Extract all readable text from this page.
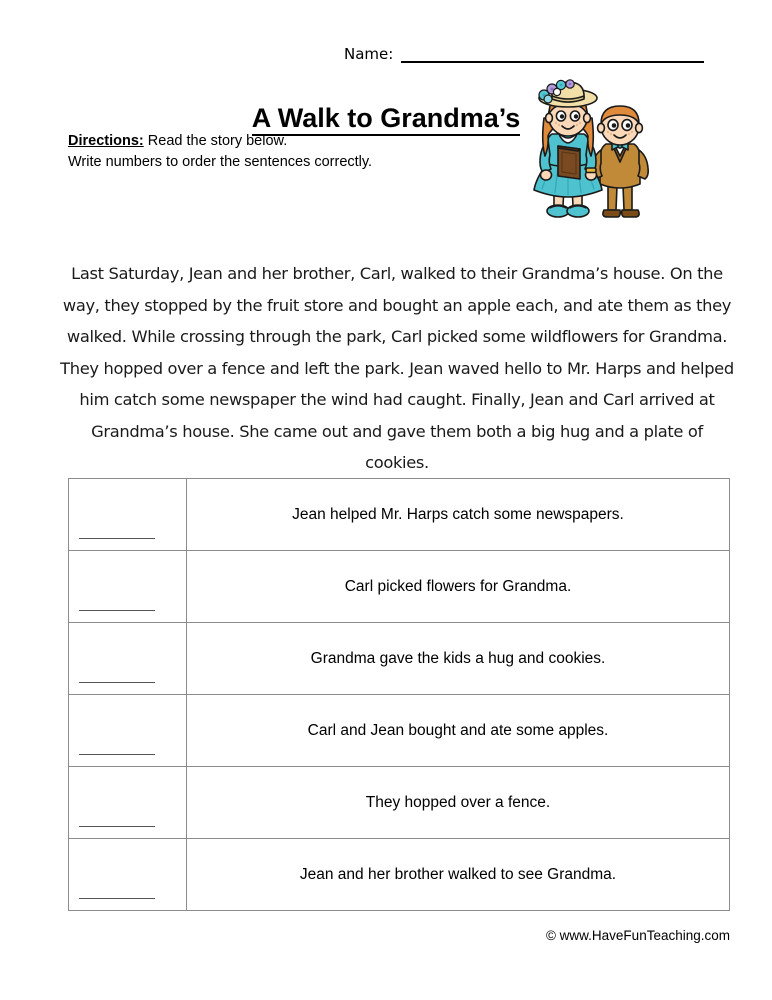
Name:
A Walk to Grandma’s
Directions: Read the story below.
Write numbers to order the sentences correctly.

Last Saturday, Jean and her brother, Carl, walked to their Grandma’s house. On the way, they stopped by the fruit store and bought an apple each, and ate them as they walked. While crossing through the park, Carl picked some wildflowers for Grandma. They hopped over a fence and left the park. Jean waved hello to Mr. Harps and helped him catch some newspaper the wind had caught. Finally, Jean and Carl arrived at Grandma’s house. She came out and gave them both a big hug and a plate of cookies.

	Jean helped Mr. Harps catch some newspapers.

	Carl picked flowers for Grandma.

	Grandma gave the kids a hug and cookies.

	Carl and Jean bought and ate some apples.

	They hopped over a fence.

	Jean and her brother walked to see Grandma.
© www.HaveFunTeaching.com
